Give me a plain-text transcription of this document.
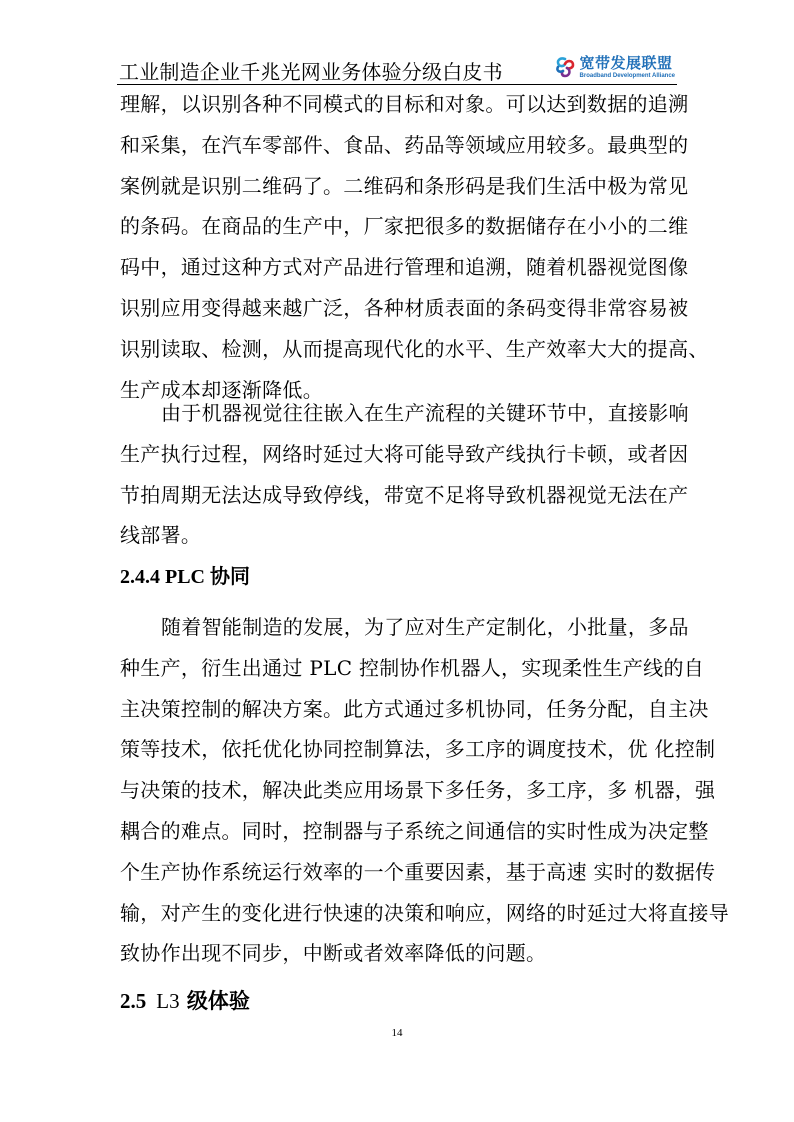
工业制造企业千兆光网业务体验分级白皮书	宽带发展联盟
Broadband Development Alliance

理解，以识别各种不同模式的目标和对象。可以达到数据的追溯
和采集，在汽车零部件、食品、药品等领域应用较多。最典型的
案例就是识别二维码了。二维码和条形码是我们生活中极为常见
的条码。在商品的生产中，厂家把很多的数据储存在小小的二维
码中，通过这种方式对产品进行管理和追溯，随着机器视觉图像
识别应用变得越来越广泛，各种材质表面的条码变得非常容易被
识别读取、检测，从而提高现代化的水平、生产效率大大的提高、
生产成本却逐渐降低。

由于机器视觉往往嵌入在生产流程的关键环节中，直接影响
生产执行过程，网络时延过大将可能导致产线执行卡顿，或者因
节拍周期无法达成导致停线，带宽不足将导致机器视觉无法在产
线部署。

2.4.4 PLC 协同

随着智能制造的发展，为了应对生产定制化，小批量，多品
种生产，衍生出通过 PLC 控制协作机器人，实现柔性生产线的自
主决策控制的解决方案。此方式通过多机协同，任务分配，自主决
策等技术，依托优化协同控制算法，多工序的调度技术，优 化控制
与决策的技术，解决此类应用场景下多任务，多工序，多 机器，强
耦合的难点。同时，控制器与子系统之间通信的实时性成为决定整
个生产协作系统运行效率的一个重要因素，基于高速 实时的数据传
输，对产生的变化进行快速的决策和响应，网络的时延过大将直接导
致协作出现不同步，中断或者效率降低的问题。

2.5 L3 级体验
14
